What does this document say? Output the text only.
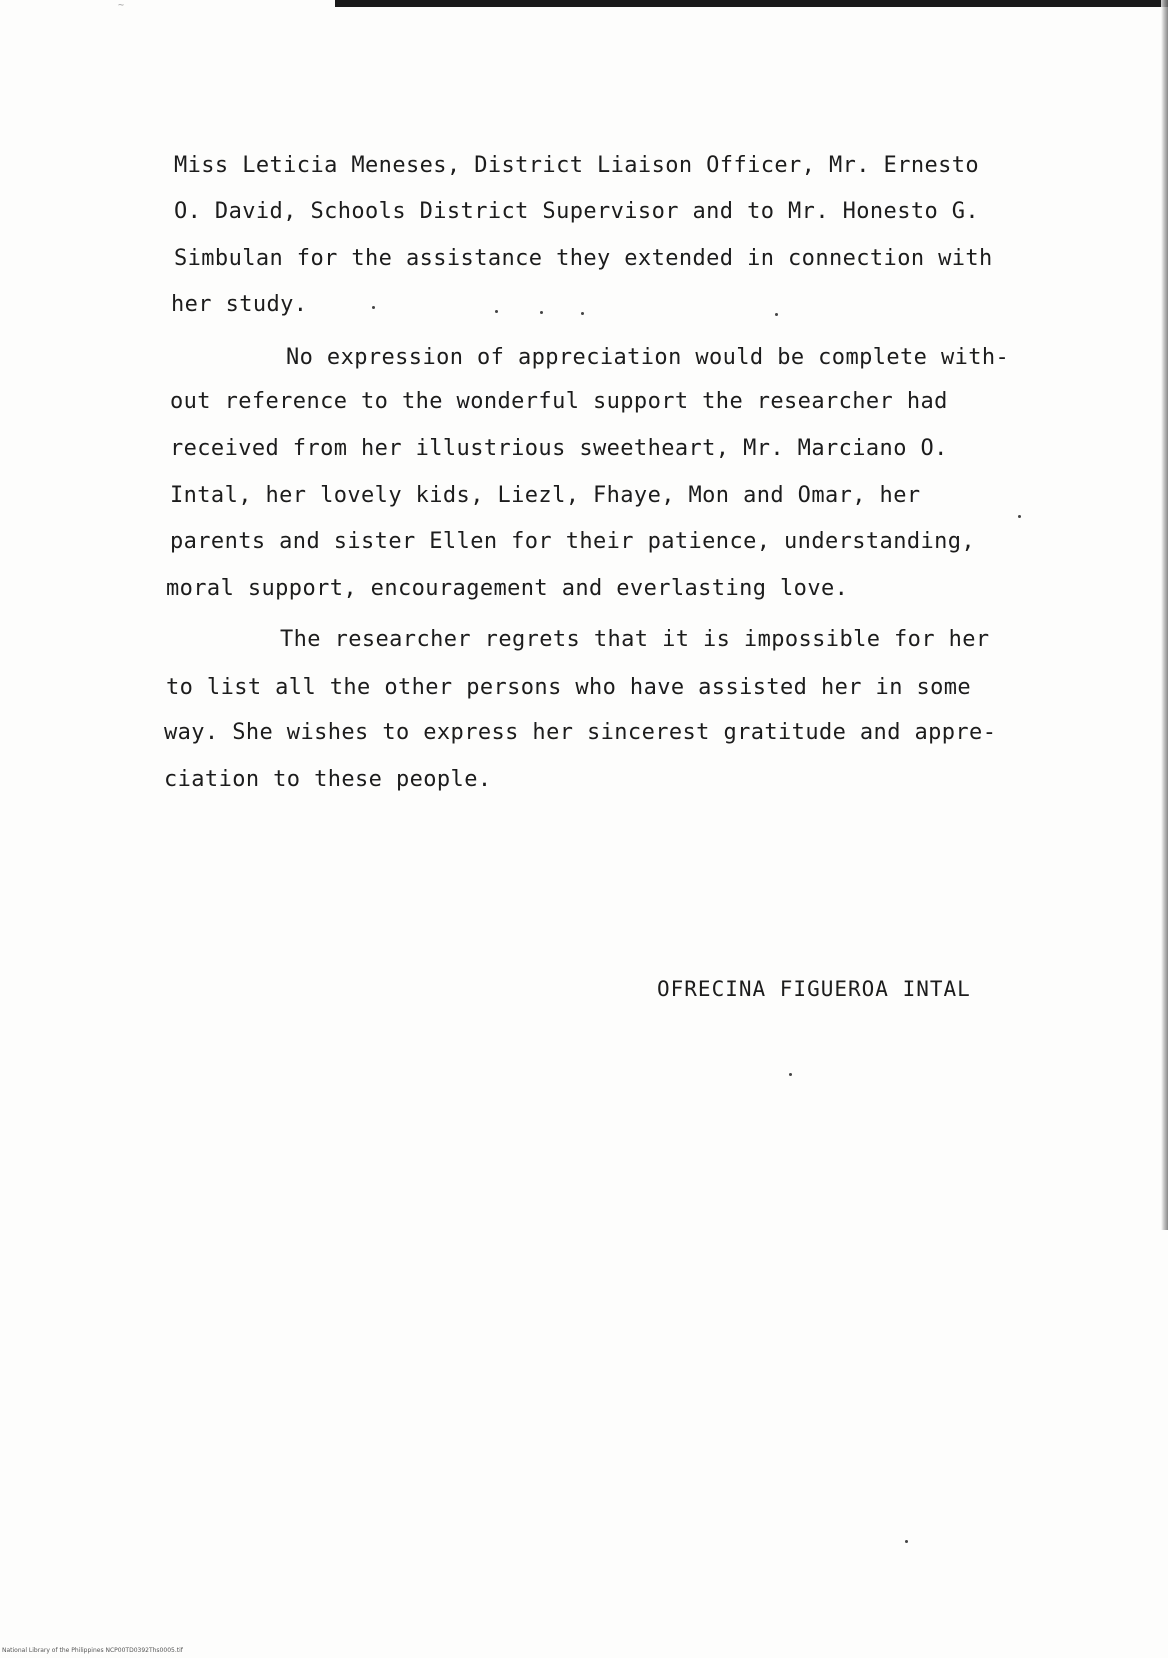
~

Miss Leticia Meneses, District Liaison Officer, Mr. Ernesto

O. David, Schools District Supervisor and to Mr. Honesto G.

Simbulan for the assistance they extended in connection with

her study.

No expression of appreciation would be complete with-

out reference to the wonderful support the researcher had

received from her illustrious sweetheart, Mr. Marciano O.

Intal, her lovely kids, Liezl, Fhaye, Mon and Omar, her

parents and sister Ellen for their patience, understanding,

moral support, encouragement and everlasting love.

The researcher regrets that it is impossible for her

to list all the other persons who have assisted her in some

way. She wishes to express her sincerest gratitude and appre-

ciation to these people.

OFRECINA FIGUEROA INTAL

National Library of the Philippines NCP00TD0392Ths0005.tif
